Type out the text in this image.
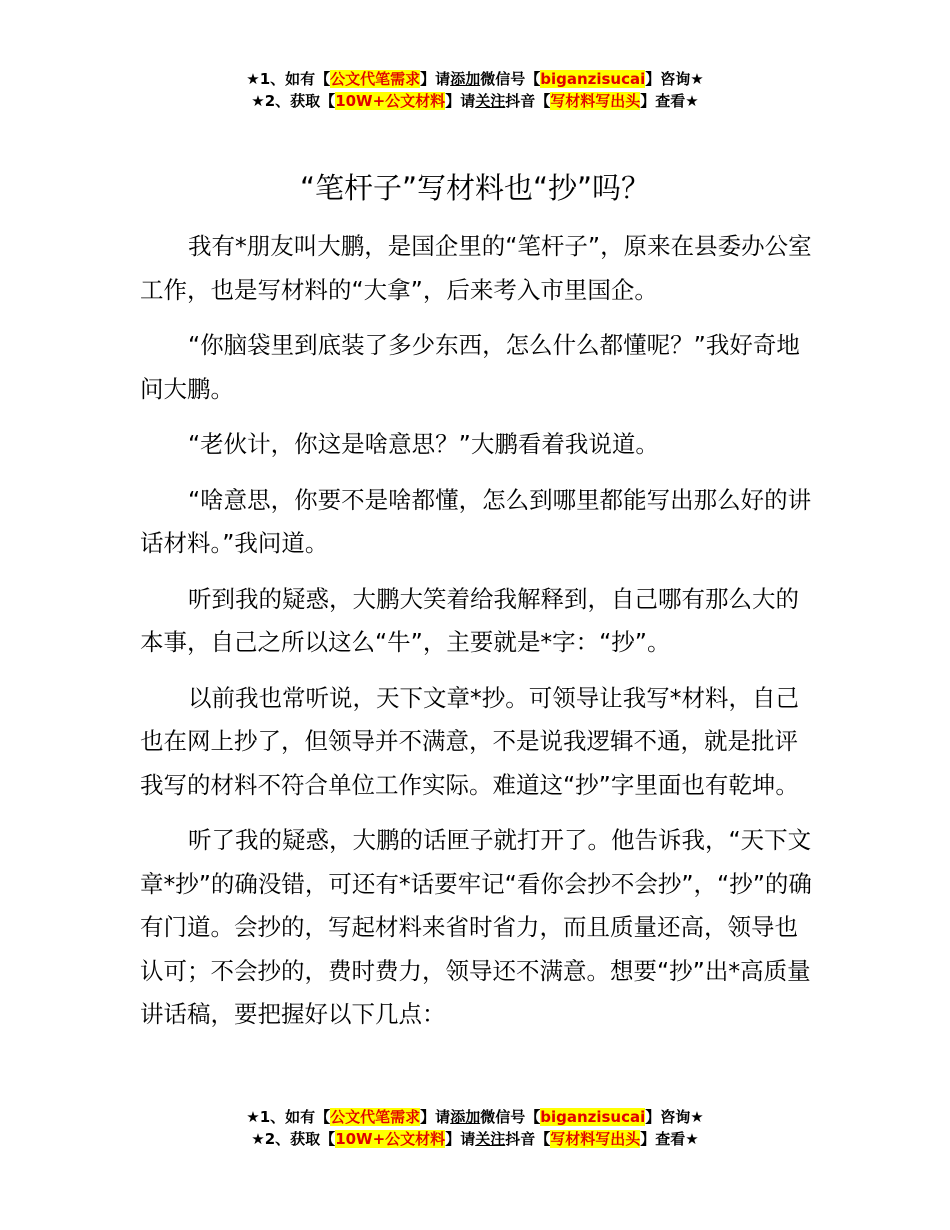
★1、如有【公文代笔需求】请添加微信号【biganzisucai】咨询★
★2、获取【10W+公文材料】请关注抖音【写材料写出头】查看★
“笔杆子”写材料也“抄”吗？

我有*朋友叫大鹏，是国企里的“笔杆子”，原来在县委办公室工作，也是写材料的“大拿”，后来考入市里国企。

“你脑袋里到底装了多少东西，怎么什么都懂呢？”我好奇地问大鹏。

“老伙计，你这是啥意思？”大鹏看着我说道。

“啥意思，你要不是啥都懂，怎么到哪里都能写出那么好的讲话材料。”我问道。

听到我的疑惑，大鹏大笑着给我解释到，自己哪有那么大的本事，自己之所以这么“牛”，主要就是*字：“抄”。

以前我也常听说，天下文章*抄。可领导让我写*材料，自己也在网上抄了，但领导并不满意，不是说我逻辑不通，就是批评我写的材料不符合单位工作实际。难道这“抄”字里面也有乾坤。

听了我的疑惑，大鹏的话匣子就打开了。他告诉我，“天下文章*抄”的确没错，可还有*话要牢记“看你会抄不会抄”，“抄”的确有门道。会抄的，写起材料来省时省力，而且质量还高，领导也认可；不会抄的，费时费力，领导还不满意。想要“抄”出*高质量讲话稿，要把握好以下几点：

★1、如有【公文代笔需求】请添加微信号【biganzisucai】咨询★
★2、获取【10W+公文材料】请关注抖音【写材料写出头】查看★
